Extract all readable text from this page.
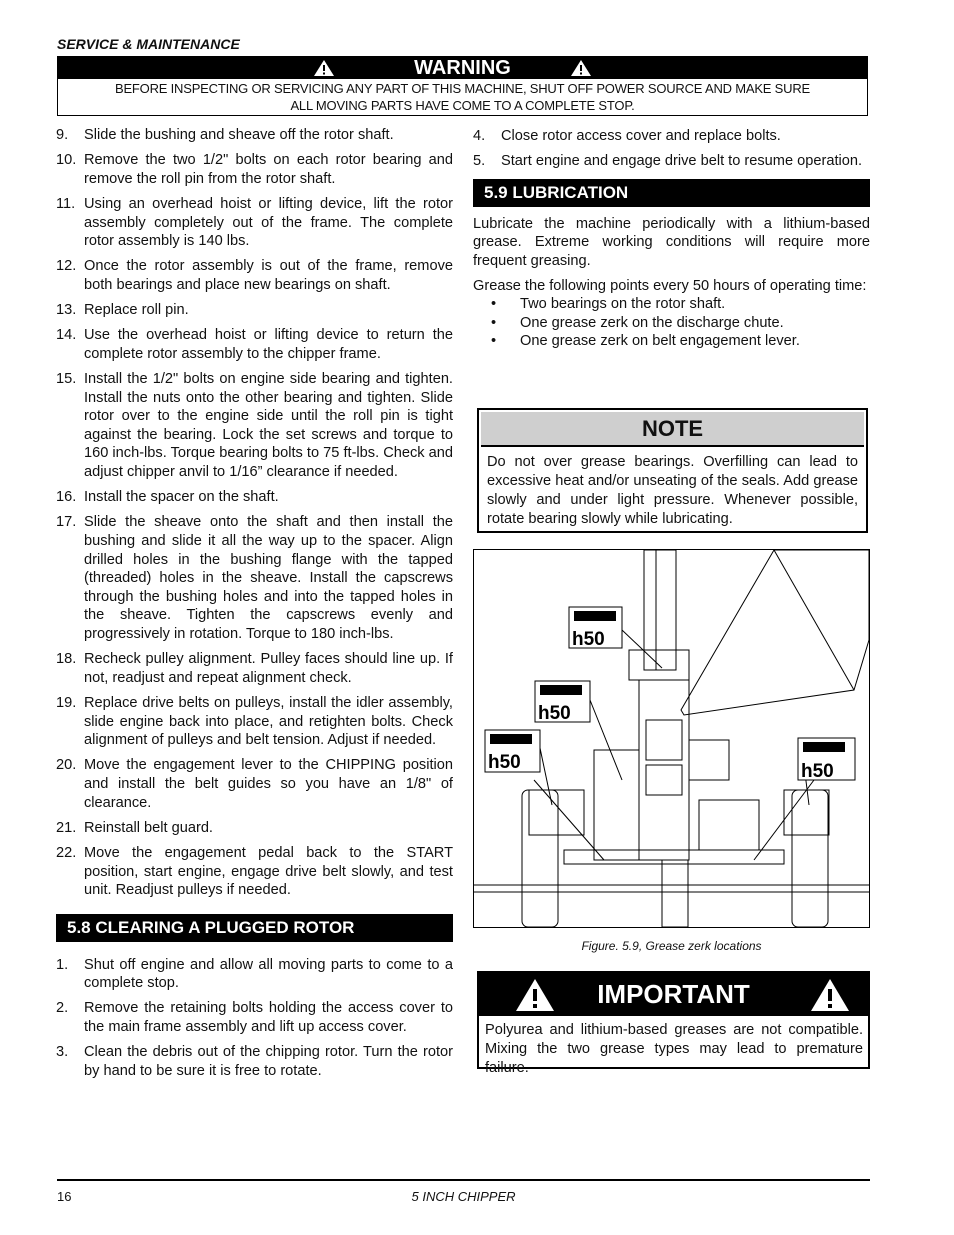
SERVICE & MAINTENANCE
WARNING
BEFORE INSPECTING OR SERVICING ANY PART OF THIS MACHINE, SHUT OFF POWER SOURCE AND MAKE SURE
ALL MOVING PARTS HAVE COME TO A COMPLETE STOP.
9. Slide the bushing and sheave off the rotor shaft.
10. Remove the two 1/2" bolts on each rotor bearing and remove the roll pin from the rotor shaft.
11. Using an overhead hoist or lifting device, lift the rotor assembly completely out of the frame. The complete rotor assembly is 140 lbs.
12. Once the rotor assembly is out of the frame, remove both bearings and place new bearings on shaft.
13. Replace roll pin.
14. Use the overhead hoist or lifting device to return the complete rotor assembly to the chipper frame.
15. Install the 1/2" bolts on engine side bearing and tighten. Install the nuts onto the other bearing and tighten. Slide rotor over to the engine side until the roll pin is tight against the bearing. Lock the set screws and torque to 160 inch-lbs. Torque bearing bolts to 75 ft-lbs. Check and adjust chipper anvil to 1/16” clearance if needed.
16. Install the spacer on the shaft.
17. Slide the sheave onto the shaft and then install the bushing and slide it all the way up to the spacer. Align drilled holes in the bushing flange with the tapped (threaded) holes in the sheave. Install the capscrews through the bushing holes and into the tapped holes in the sheave. Tighten the capscrews evenly and progressively in rotation. Torque to 180 inch-lbs.
18. Recheck pulley alignment. Pulley faces should line up. If not, readjust and repeat alignment check.
19. Replace drive belts on pulleys, install the idler assembly, slide engine back into place, and retighten bolts. Check alignment of pulleys and belt tension. Adjust if needed.
20. Move the engagement lever to the CHIPPING position and install the belt guides so you have an 1/8" of clearance.
21. Reinstall belt guard.
22. Move the engagement pedal back to the START position, start engine, engage drive belt slowly, and test unit. Readjust pulleys if needed.
5.8 CLEARING A PLUGGED ROTOR
1. Shut off engine and allow all moving parts to come to a complete stop.
2. Remove the retaining bolts holding the access cover to the main frame assembly and lift up access cover.
3. Clean the debris out of the chipping rotor. Turn the rotor by hand to be sure it is free to rotate.
4. Close rotor access cover and replace bolts.
5. Start engine and engage drive belt to resume operation.
5.9 LUBRICATION

Lubricate the machine periodically with a lithium-based grease. Extreme working conditions will require more frequent greasing.

Grease the following points every 50 hours of operating time:

• Two bearings on the rotor shaft.
• One grease zerk on the discharge chute.
• One grease zerk on belt engagement lever.
NOTE
Do not over grease bearings. Overfilling can lead to excessive heat and/or unseating of the seals. Add grease slowly and under light pressure. Whenever possible, rotate bearing slowly while lubricating.
h50
h50
h50	h50
Figure. 5.9, Grease zerk locations
IMPORTANT
Polyurea and lithium-based greases are not compatible. Mixing the two grease types may lead to premature failure.
16	5 INCH CHIPPER
